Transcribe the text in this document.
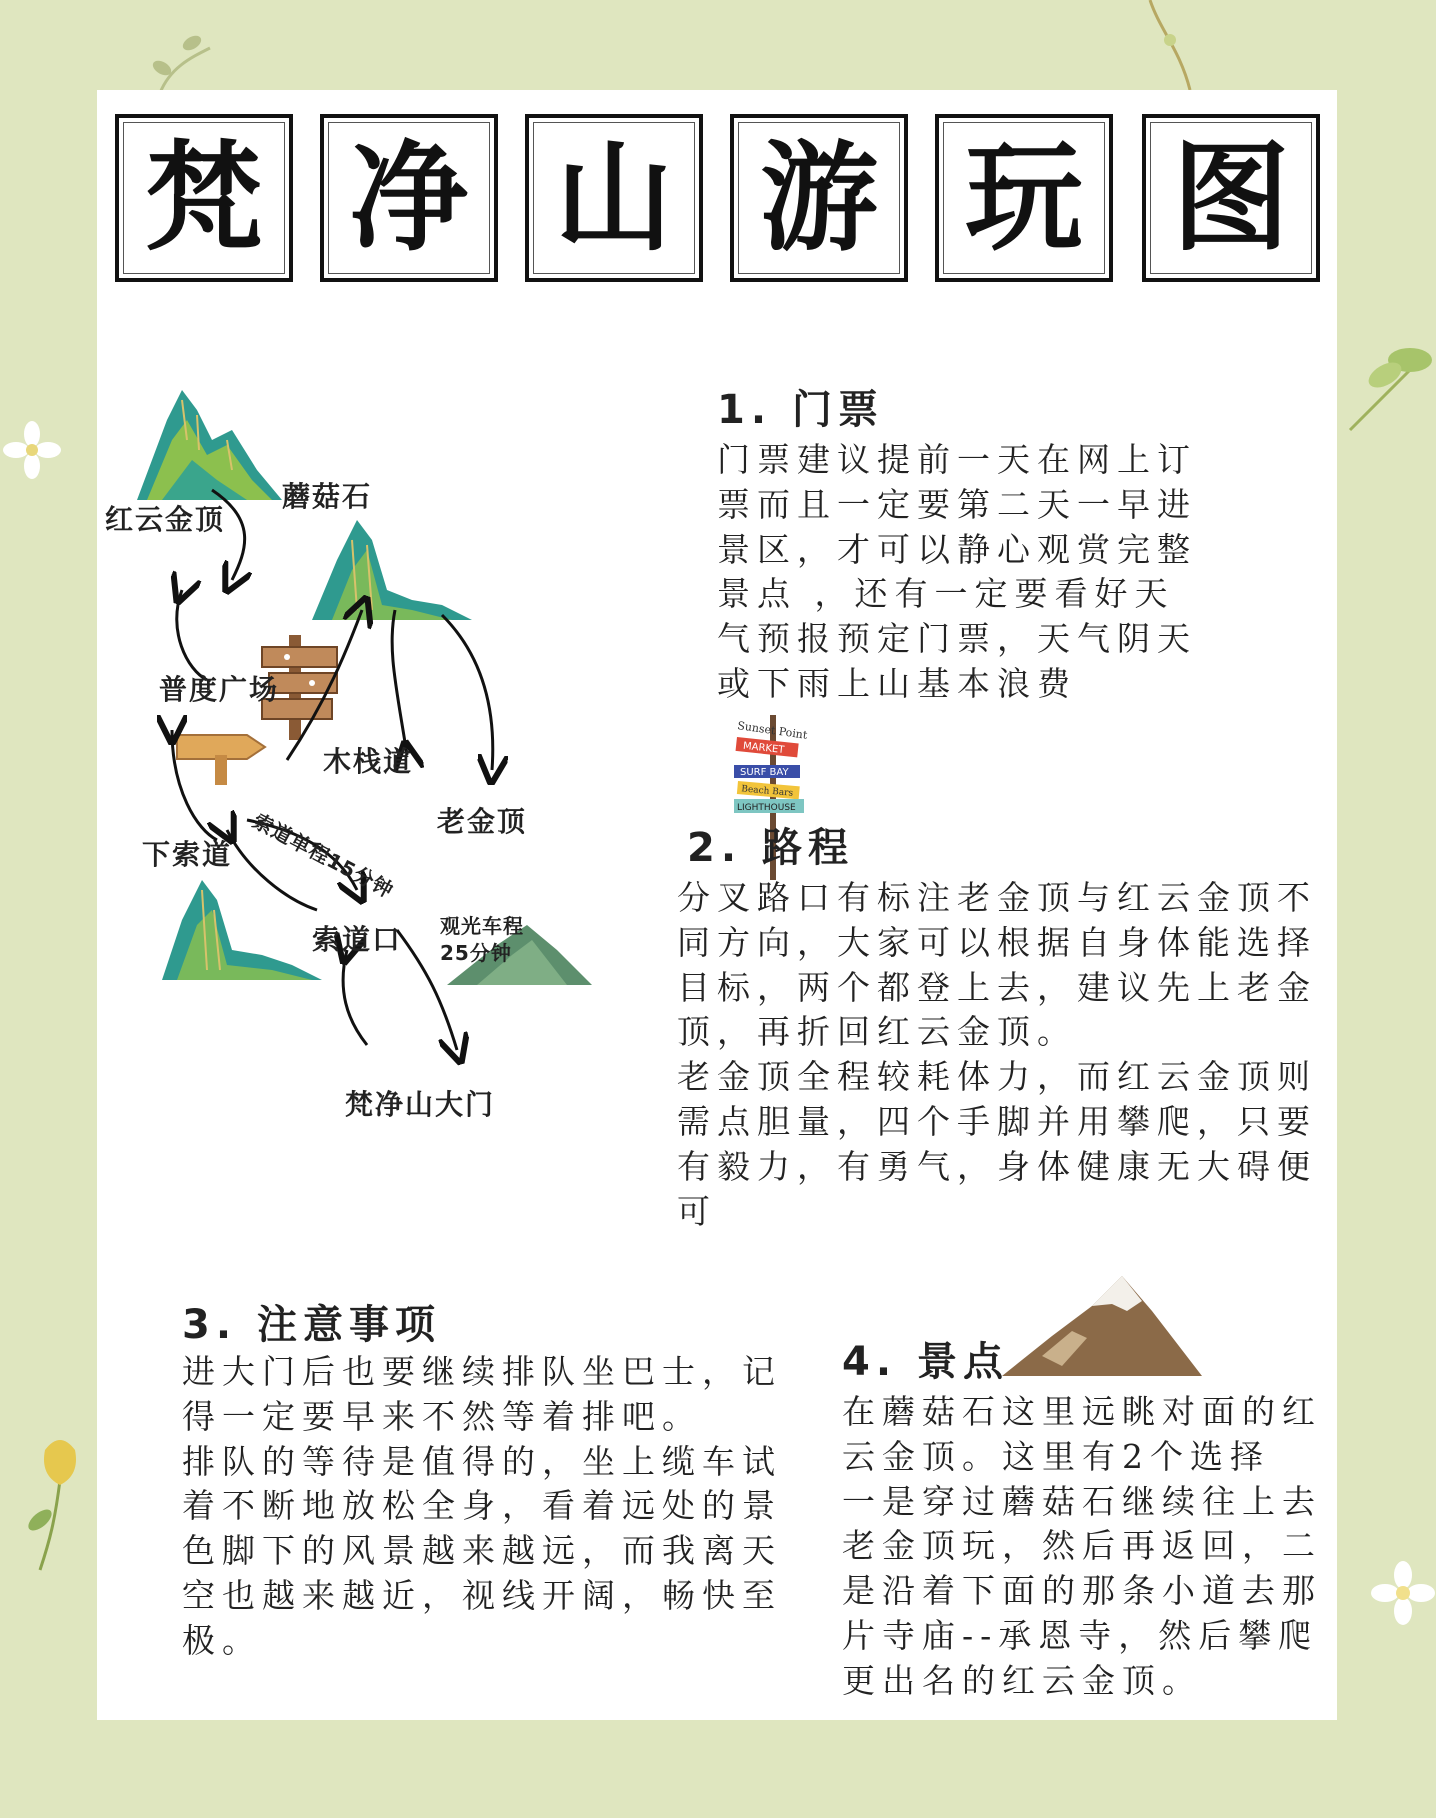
梵 净 山 游 玩 图
红云金顶
蘑菇石
普度广场
木栈道
老金顶
下索道 索道单程15分钟
索道口 观光车程
25分钟
梵净山大门
Sunset Point
MARKET
SURF BAY
Beach Bars
LIGHTHOUSE
1. 门票
门票建议提前一天在网上订
票而且一定要第二天一早进
景区，才可以静心观赏完整
景点 ，还有一定要看好天
气预报预定门票，天气阴天
或下雨上山基本浪费
2. 路程
分叉路口有标注老金顶与红云金顶不
同方向，大家可以根据自身体能选择
目标，两个都登上去，建议先上老金
顶，再折回红云金顶。
老金顶全程较耗体力，而红云金顶则
需点胆量，四个手脚并用攀爬，只要
有毅力，有勇气，身体健康无大碍便
可
3. 注意事项
进大门后也要继续排队坐巴士，记
得一定要早来不然等着排吧。
排队的等待是值得的，坐上缆车试
着不断地放松全身，看着远处的景
色脚下的风景越来越远，而我离天
空也越来越近，视线开阔，畅快至
极。
4. 景点
在蘑菇石这里远眺对面的红
云金顶。这里有2个选择
一是穿过蘑菇石继续往上去
老金顶玩，然后再返回，二
是沿着下面的那条小道去那
片寺庙--承恩寺，然后攀爬
更出名的红云金顶。
